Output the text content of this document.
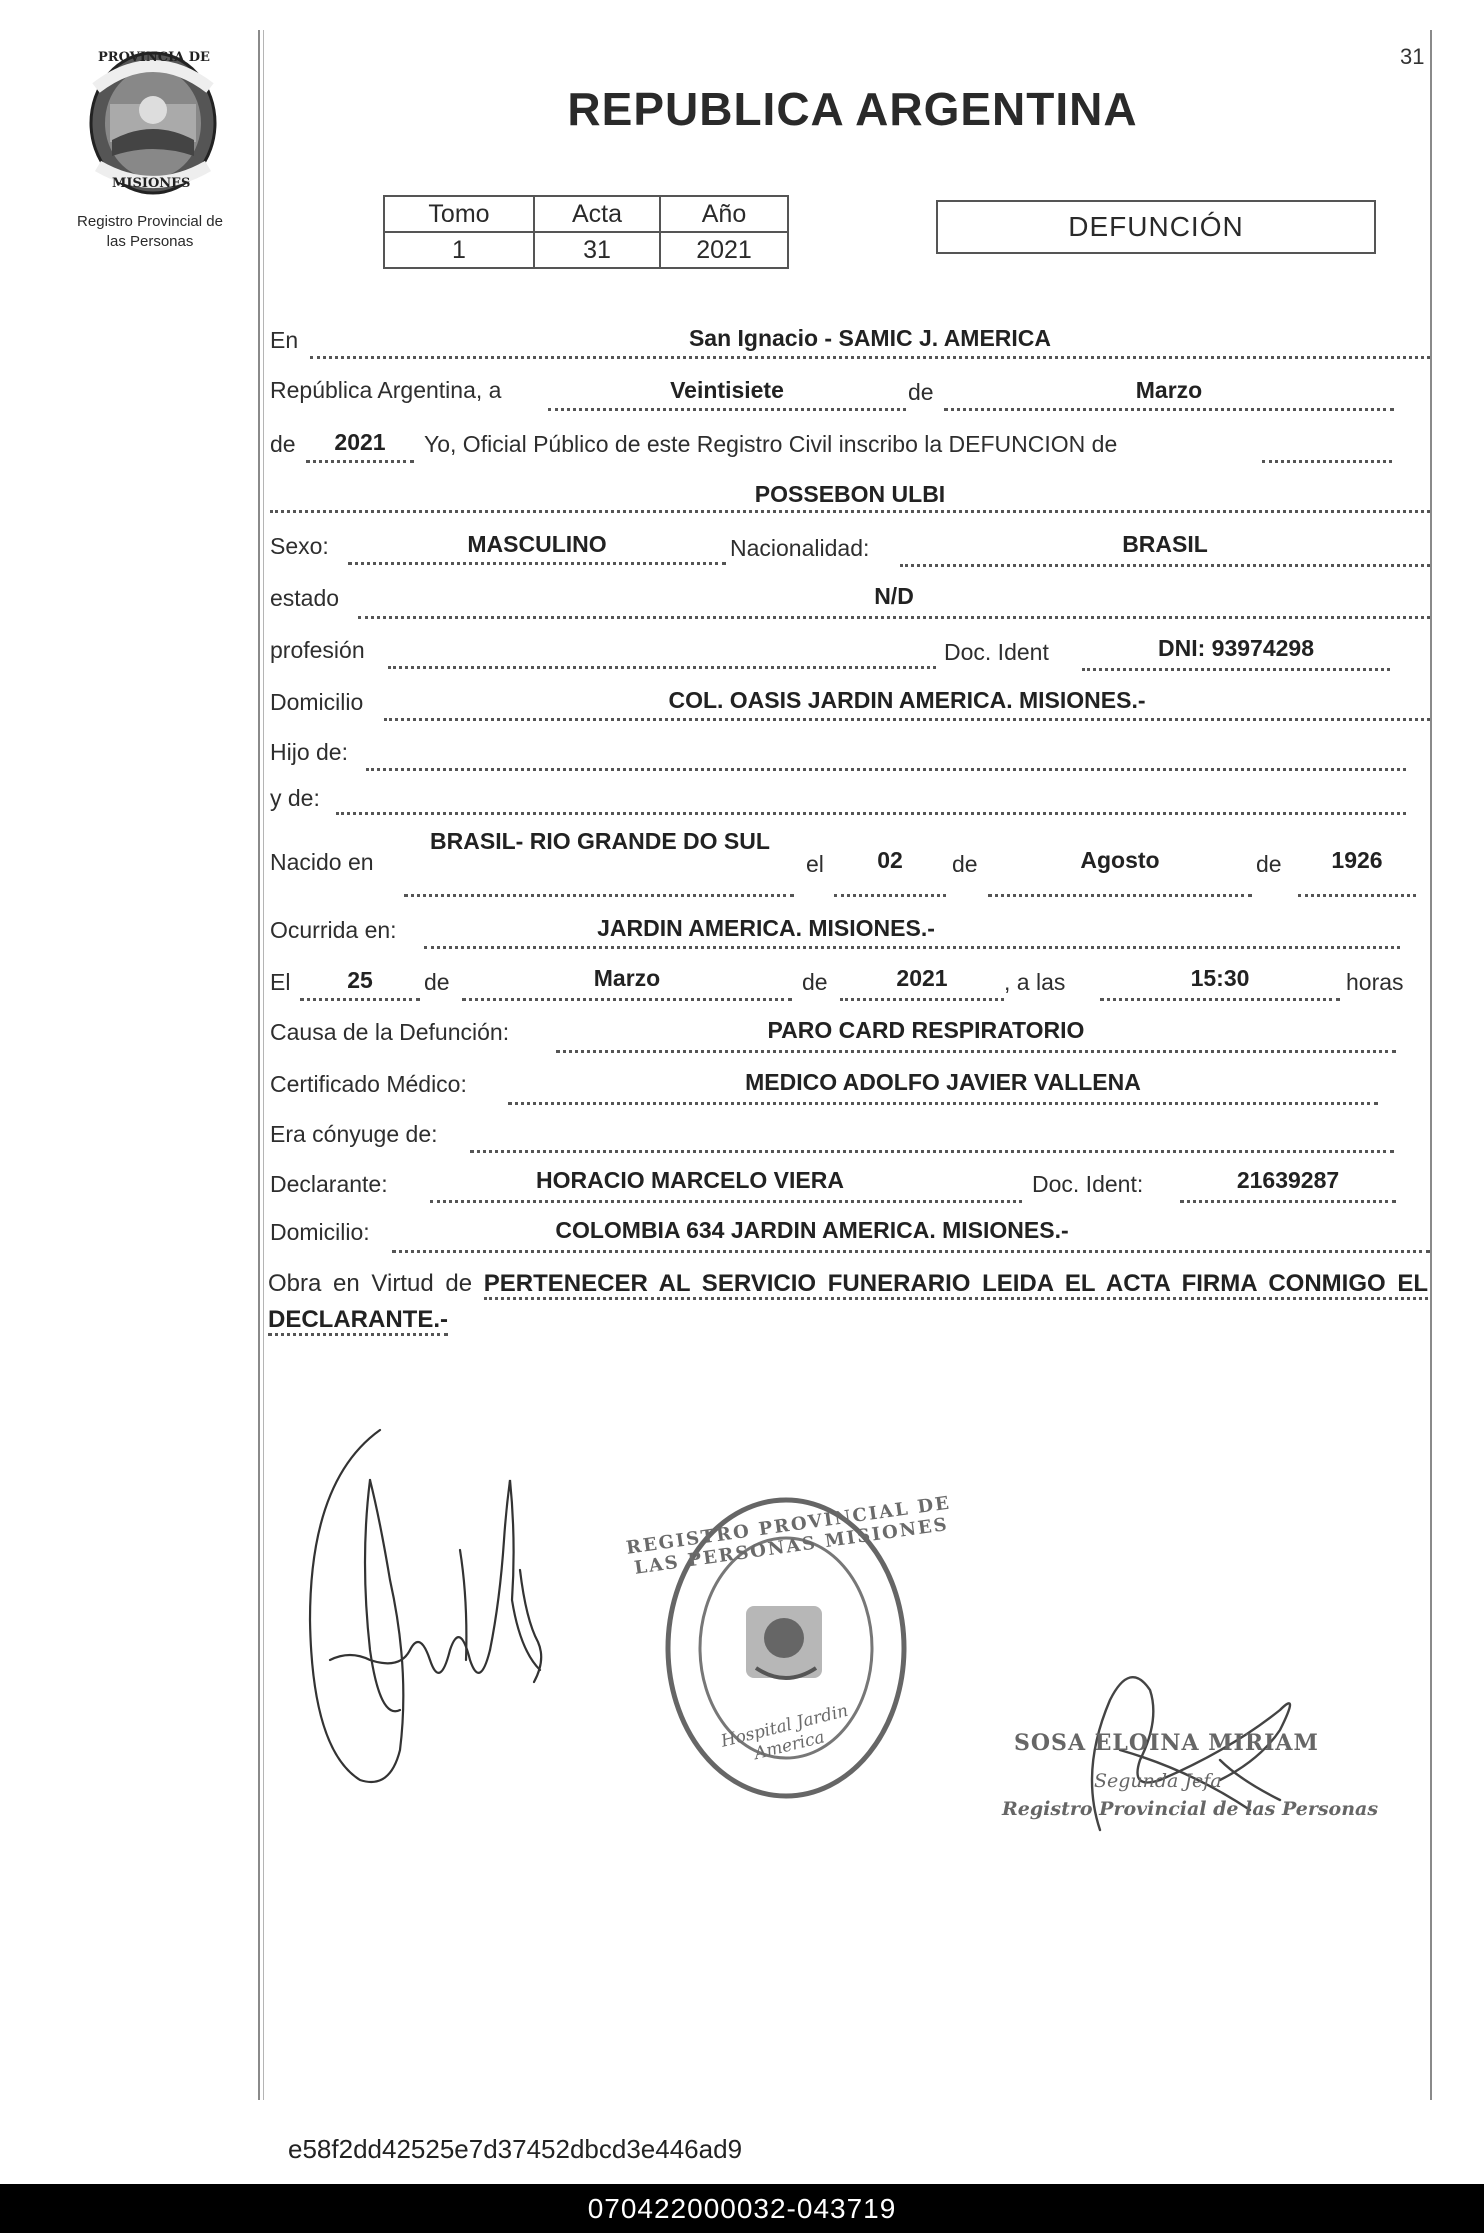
PROVINCIA DE
MISIONES
Registro Provincial de
las Personas
31
REPUBLICA ARGENTINA
Tomo	Acta	Año
1	31	2021
DEFUNCIÓN
En	San Ignacio - SAMIC J. AMERICA
República Argentina, a	Veintisiete	de	Marzo
de	2021	Yo, Oficial Público de este Registro Civil inscribo la DEFUNCION de
POSSEBON ULBI
Sexo:	MASCULINO	Nacionalidad:	BRASIL
estado	N/D
profesión	Doc. Ident	DNI: 93974298
Domicilio	COL. OASIS JARDIN AMERICA. MISIONES.-
Hijo de:
y de:
Nacido en
BRASIL- RIO GRANDE DO SUL
el	02	de	Agosto	de	1926
Ocurrida en:	JARDIN AMERICA. MISIONES.-
El	25	de	Marzo	de	2021	, a las	15:30	horas
Causa de la Defunción:	PARO CARD RESPIRATORIO
Certificado Médico:	MEDICO ADOLFO JAVIER VALLENA
Era cónyuge de:
Declarante:	HORACIO MARCELO VIERA	Doc. Ident:	21639287
Domicilio:	COLOMBIA 634 JARDIN AMERICA. MISIONES.-
Obra en Virtud de PERTENECER AL SERVICIO FUNERARIO LEIDA EL ACTA FIRMA CONMIGO EL DECLARANTE.-
REGISTRO PROVINCIAL DE LAS PERSONAS MISIONES
Hospital Jardin America	SOSA ELOINA MIRIAM
Segunda Jefa
Registro Provincial de las Personas
e58f2dd42525e7d37452dbcd3e446ad9
070422000032-043719
